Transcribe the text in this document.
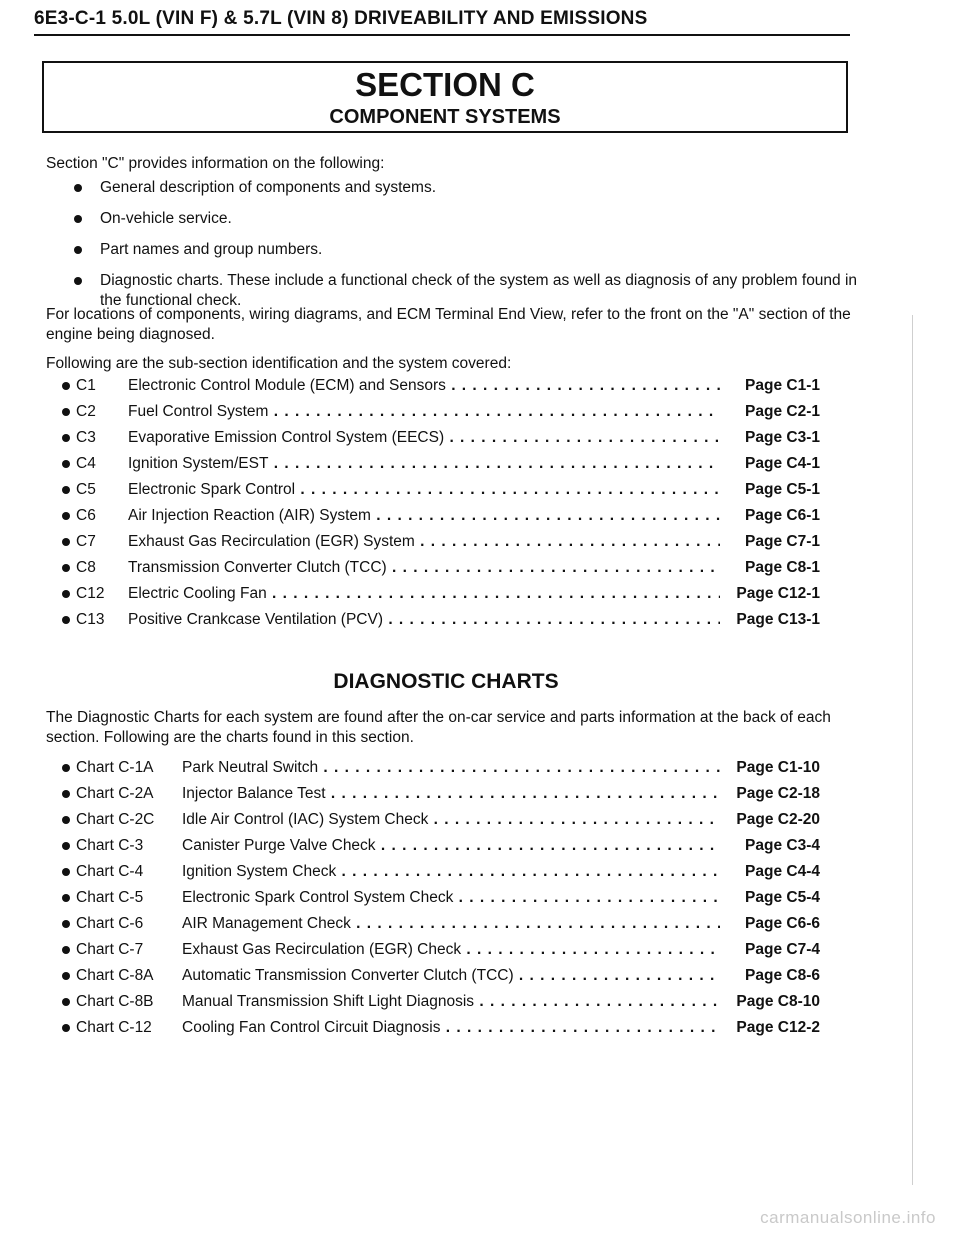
6E3-C-1 5.0L (VIN F) & 5.7L (VIN 8) DRIVEABILITY AND EMISSIONS
SECTION C
COMPONENT SYSTEMS
Section "C" provides information on the following:
General description of components and systems.
On-vehicle service.
Part names and group numbers.
Diagnostic charts. These include a functional check of the system as well as diagnosis of any problem found in the functional check.
For locations of components, wiring diagrams, and ECM Terminal End View, refer to the front on the "A" section of the engine being diagnosed.
Following are the sub-section identification and the system covered:
C1 Electronic Control Module (ECM) and Sensors . . .	Page C1-1
C2 Fuel Control System . . .	Page C2-1
C3 Evaporative Emission Control System (EECS) . . .	Page C3-1
C4 Ignition System/EST . . .	Page C4-1
C5 Electronic Spark Control . . .	Page C5-1
C6 Air Injection Reaction (AIR) System . . .	Page C6-1
C7 Exhaust Gas Recirculation (EGR) System . . .	Page C7-1
C8 Transmission Converter Clutch (TCC) . . .	Page C8-1
C12 Electric Cooling Fan . . .	Page C12-1
C13 Positive Crankcase Ventilation (PCV) . . .	Page C13-1
DIAGNOSTIC CHARTS
The Diagnostic Charts for each system are found after the on-car service and parts information at the back of each section. Following are the charts found in this section.
Chart C-1A Park Neutral Switch . . .	Page C1-10
Chart C-2A Injector Balance Test . . .	Page C2-18
Chart C-2C Idle Air Control (IAC) System Check . . .	Page C2-20
Chart C-3	Canister Purge Valve Check . . .	Page C3-4
Chart C-4	Ignition System Check . . .	Page C4-4
Chart C-5	Electronic Spark Control System Check . . .	Page C5-4
Chart C-6	AIR Management Check . . .	Page C6-6
Chart C-7	Exhaust Gas Recirculation (EGR) Check . . .	Page C7-4
Chart C-8A Automatic Transmission Converter Clutch (TCC) . . .	Page C8-6
Chart C-8B Manual Transmission Shift Light Diagnosis . . .	Page C8-10
Chart C-12 Cooling Fan Control Circuit Diagnosis . . .	Page C12-2
carmanualsonline.info
